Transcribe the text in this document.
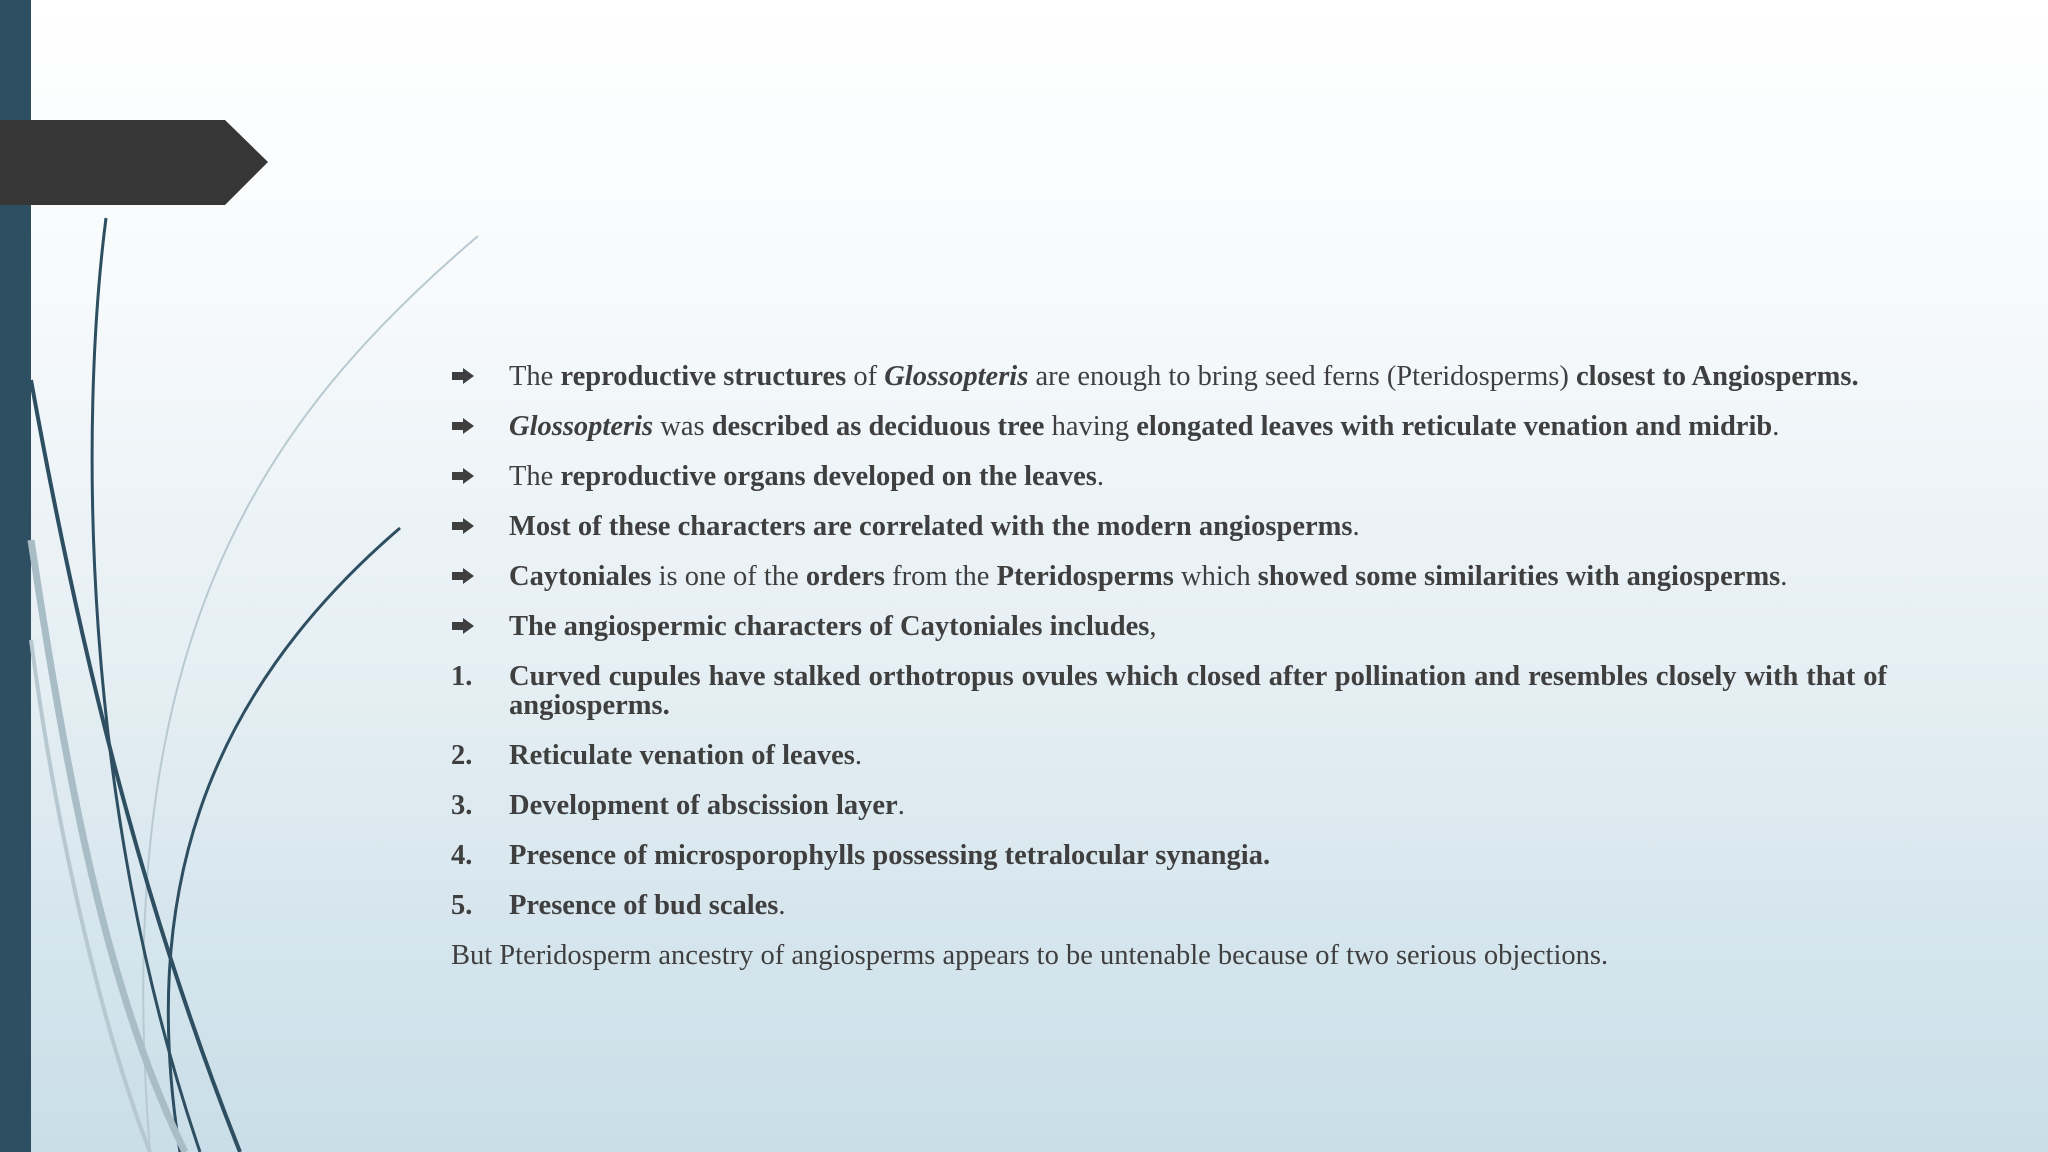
The reproductive structures of Glossopteris are enough to bring seed ferns (Pteridosperms) closest to Angiosperms.
Glossopteris was described as deciduous tree having elongated leaves with reticulate venation and midrib.
The reproductive organs developed on the leaves.
Most of these characters are correlated with the modern angiosperms.
Caytoniales is one of the orders from the Pteridosperms which showed some similarities with angiosperms.
The angiospermic characters of Caytoniales includes,
1. Curved cupules have stalked orthotropus ovules which closed after pollination and resembles closely with that of     angiosperms.
2. Reticulate venation of leaves.
3. Development of abscission layer.
4. Presence of microsporophylls possessing tetralocular synangia.
5. Presence of bud scales.
But Pteridosperm ancestry of angiosperms appears to be untenable because of two serious objections.
